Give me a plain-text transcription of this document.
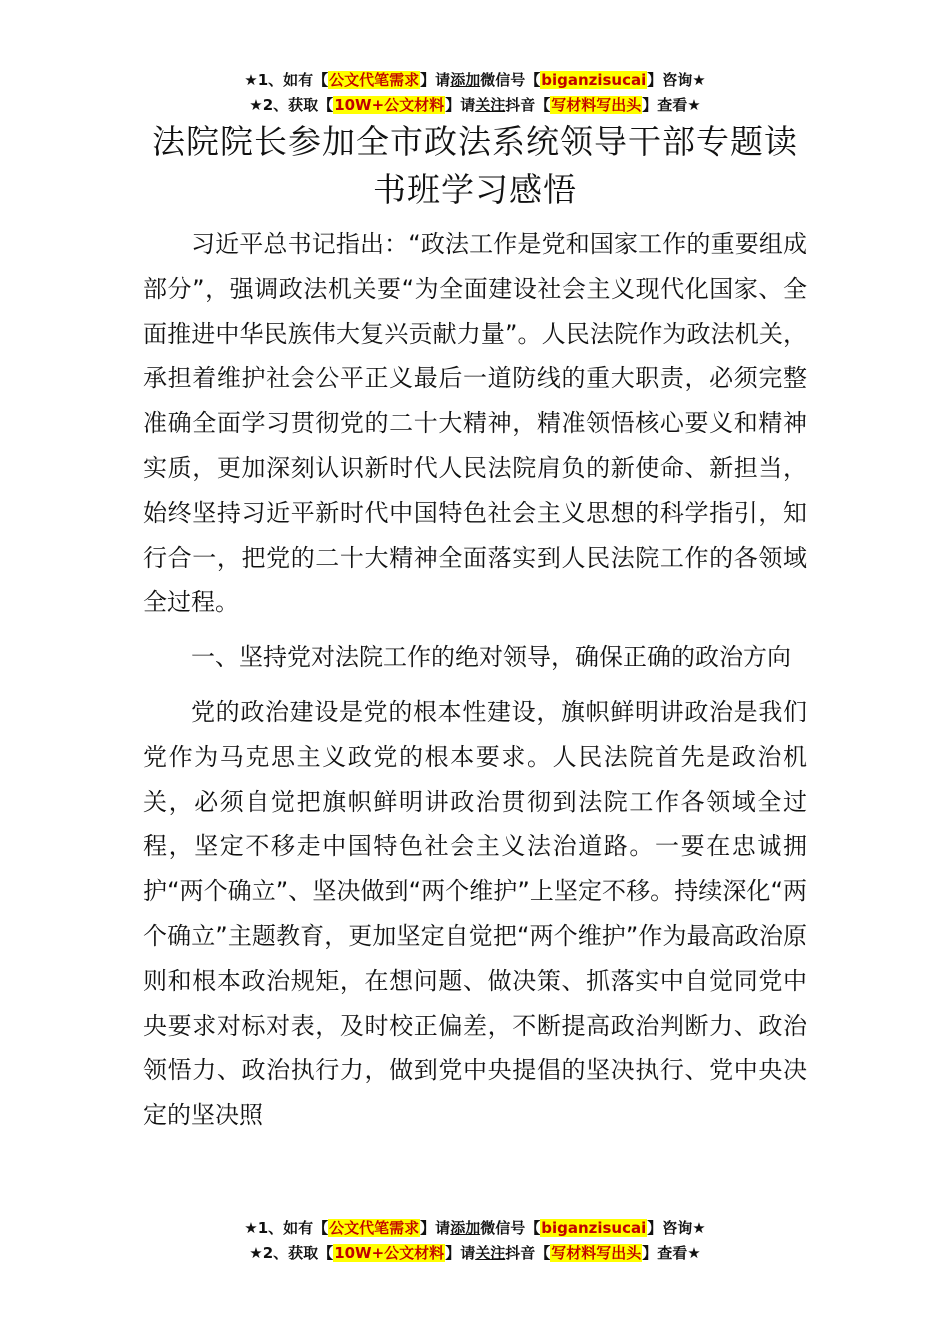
★1、如有【公文代笔需求】请添加微信号【biganzisucai】咨询★
★2、获取【10W+公文材料】请关注抖音【写材料写出头】查看★
法院院长参加全市政法系统领导干部专题读书班学习感悟

习近平总书记指出：“政法工作是党和国家工作的重要组成部分”，强调政法机关要“为全面建设社会主义现代化国家、全面推进中华民族伟大复兴贡献力量”。人民法院作为政法机关，承担着维护社会公平正义最后一道防线的重大职责，必须完整准确全面学习贯彻党的二十大精神，精准领悟核心要义和精神实质，更加深刻认识新时代人民法院肩负的新使命、新担当，始终坚持习近平新时代中国特色社会主义思想的科学指引，知行合一，把党的二十大精神全面落实到人民法院工作的各领域全过程。

一、坚持党对法院工作的绝对领导，确保正确的政治方向

党的政治建设是党的根本性建设，旗帜鲜明讲政治是我们党作为马克思主义政党的根本要求。人民法院首先是政治机关，必须自觉把旗帜鲜明讲政治贯彻到法院工作各领域全过程，坚定不移走中国特色社会主义法治道路。一要在忠诚拥护“两个确立”、坚决做到“两个维护”上坚定不移。持续深化“两个确立”主题教育，更加坚定自觉把“两个维护”作为最高政治原则和根本政治规矩，在想问题、做决策、抓落实中自觉同党中央要求对标对表，及时校正偏差，不断提高政治判断力、政治领悟力、政治执行力，做到党中央提倡的坚决执行、党中央决定的坚决照

★1、如有【公文代笔需求】请添加微信号【biganzisucai】咨询★
★2、获取【10W+公文材料】请关注抖音【写材料写出头】查看★
